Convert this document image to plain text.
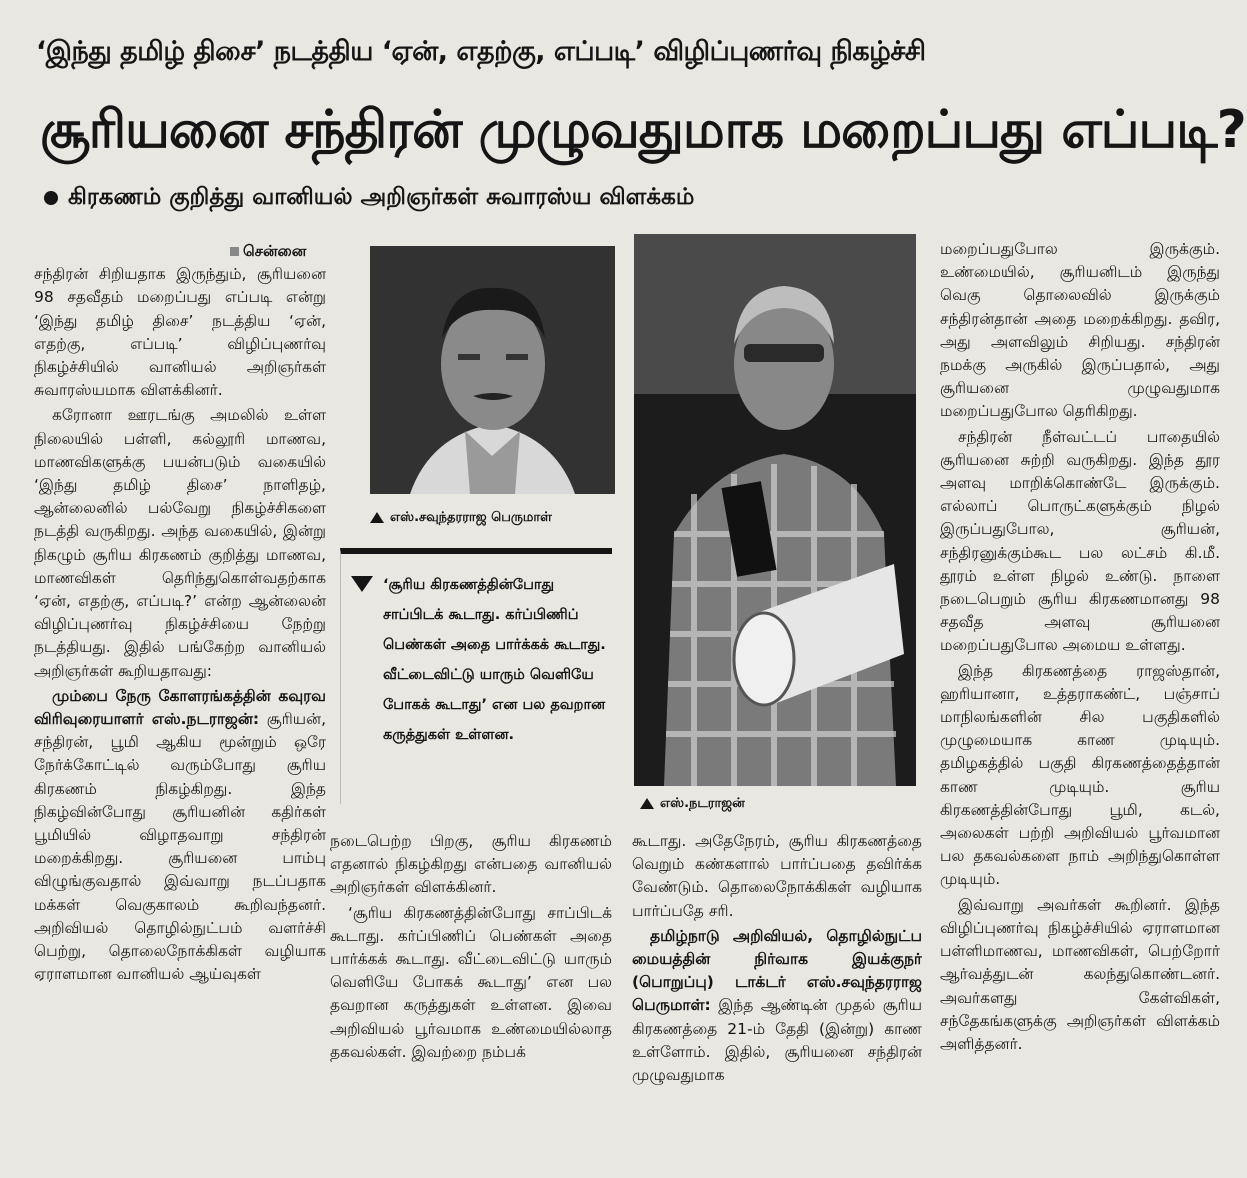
‘இந்து தமிழ் திசை’ நடத்திய ‘ஏன், எதற்கு, எப்படி’ விழிப்புணர்வு நிகழ்ச்சி
சூரியனை சந்திரன் முழுவதுமாக மறைப்பது எப்படி?
கிரகணம் குறித்து வானியல் அறிஞர்கள் சுவாரஸ்ய விளக்கம்
சென்னை

சந்திரன் சிறியதாக இருந்தும், சூரியனை 98 சதவீதம் மறைப்பது எப்படி என்று ‘இந்து தமிழ் திசை’ நடத்திய ‘ஏன், எதற்கு, எப்படி’ விழிப்புணர்வு நிகழ்ச்சியில் வானியல் அறிஞர்கள் சுவாரஸ்யமாக விளக்கினர்.

கரோனா ஊரடங்கு அமலில் உள்ள நிலையில் பள்ளி, கல்லூரி மாணவ, மாணவிகளுக்கு பயன்படும் வகையில் ‘இந்து தமிழ் திசை’ நாளிதழ், ஆன்லைனில் பல்வேறு நிகழ்ச்சிகளை நடத்தி வருகிறது. அந்த வகையில், இன்று நிகழும் சூரிய கிரகணம் குறித்து மாணவ, மாணவிகள் தெரிந்துகொள்வதற்காக ‘ஏன், எதற்கு, எப்படி?’ என்ற ஆன்லைன் விழிப்புணர்வு நிகழ்ச்சியை நேற்று நடத்தியது. இதில் பங்கேற்ற வானியல் அறிஞர்கள் கூறியதாவது:

மும்பை நேரு கோளரங்கத்தின் கவுரவ விரிவுரையாளர் எஸ்.நடராஜன்: சூரியன், சந்திரன், பூமி ஆகிய மூன்றும் ஒரே நேர்க்கோட்டில் வரும்போது சூரிய கிரகணம் நிகழ்கிறது. இந்த நிகழ்வின்போது சூரியனின் கதிர்கள் பூமியில் விழாதவாறு சந்திரன் மறைக்கிறது. சூரியனை பாம்பு விழுங்குவதால் இவ்வாறு நடப்பதாக மக்கள் வெகுகாலம் கூறிவந்தனர். அறிவியல் தொழில்நுட்பம் வளர்ச்சி பெற்று, தொலைநோக்கிகள் வழியாக ஏராளமான வானியல் ஆய்வுகள்

எஸ்.சவுந்தரராஜ பெருமாள்
‘சூரிய கிரகணத்தின்போது சாப்பிடக் கூடாது. கர்ப்பிணிப் பெண்கள் அதை பார்க்கக் கூடாது. வீட்டைவிட்டு யாரும் வெளியே போகக் கூடாது’ என பல தவறான கருத்துகள் உள்ளன.
எஸ்.நடராஜன்

நடைபெற்ற பிறகு, சூரிய கிரகணம் எதனால் நிகழ்கிறது என்பதை வானியல் அறிஞர்கள் விளக்கினர்.

‘சூரிய கிரகணத்தின்போது சாப்பிடக் கூடாது. கர்ப்பிணிப் பெண்கள் அதை பார்க்கக் கூடாது. வீட்டைவிட்டு யாரும் வெளியே போகக் கூடாது’ என பல தவறான கருத்துகள் உள்ளன. இவை அறிவியல் பூர்வமாக உண்மையில்லாத தகவல்கள். இவற்றை நம்பக்

கூடாது. அதேநேரம், சூரிய கிரகணத்தை வெறும் கண்களால் பார்ப்பதை தவிர்க்க வேண்டும். தொலைநோக்கிகள் வழியாக பார்ப்பதே சரி.

தமிழ்நாடு அறிவியல், தொழில்நுட்ப மையத்தின் நிர்வாக இயக்குநர் (பொறுப்பு) டாக்டர் எஸ்.சவுந்தரராஜ பெருமாள்: இந்த ஆண்டின் முதல் சூரிய கிரகணத்தை 21-ம் தேதி (இன்று) காண உள்ளோம். இதில், சூரியனை சந்திரன் முழுவதுமாக

மறைப்பதுபோல இருக்கும். உண்மையில், சூரியனிடம் இருந்து வெகு தொலைவில் இருக்கும் சந்திரன்தான் அதை மறைக்கிறது. தவிர, அது அளவிலும் சிறியது. சந்திரன் நமக்கு அருகில் இருப்பதால், அது சூரியனை முழுவதுமாக மறைப்பதுபோல தெரிகிறது.

சந்திரன் நீள்வட்டப் பாதையில் சூரியனை சுற்றி வருகிறது. இந்த தூர அளவு மாறிக்கொண்டே இருக்கும். எல்லாப் பொருட்களுக்கும் நிழல் இருப்பதுபோல, சூரியன், சந்திரனுக்கும்கூட பல லட்சம் கி.மீ. தூரம் உள்ள நிழல் உண்டு. நாளை நடைபெறும் சூரிய கிரகணமானது 98 சதவீத அளவு சூரியனை மறைப்பதுபோல அமைய உள்ளது.

இந்த கிரகணத்தை ராஜஸ்தான், ஹரியானா, உத்தராகண்ட், பஞ்சாப் மாநிலங்களின் சில பகுதிகளில் முழுமையாக காண முடியும். தமிழகத்தில் பகுதி கிரகணத்தைத்தான் காண முடியும். சூரிய கிரகணத்தின்போது பூமி, கடல், அலைகள் பற்றி அறிவியல் பூர்வமான பல தகவல்களை நாம் அறிந்துகொள்ள முடியும்.

இவ்வாறு அவர்கள் கூறினர். இந்த விழிப்புணர்வு நிகழ்ச்சியில் ஏராளமான பள்ளிமாணவ, மாணவிகள், பெற்றோர் ஆர்வத்துடன் கலந்துகொண்டனர். அவர்களது கேள்விகள், சந்தேகங்களுக்கு அறிஞர்கள் விளக்கம் அளித்தனர்.
